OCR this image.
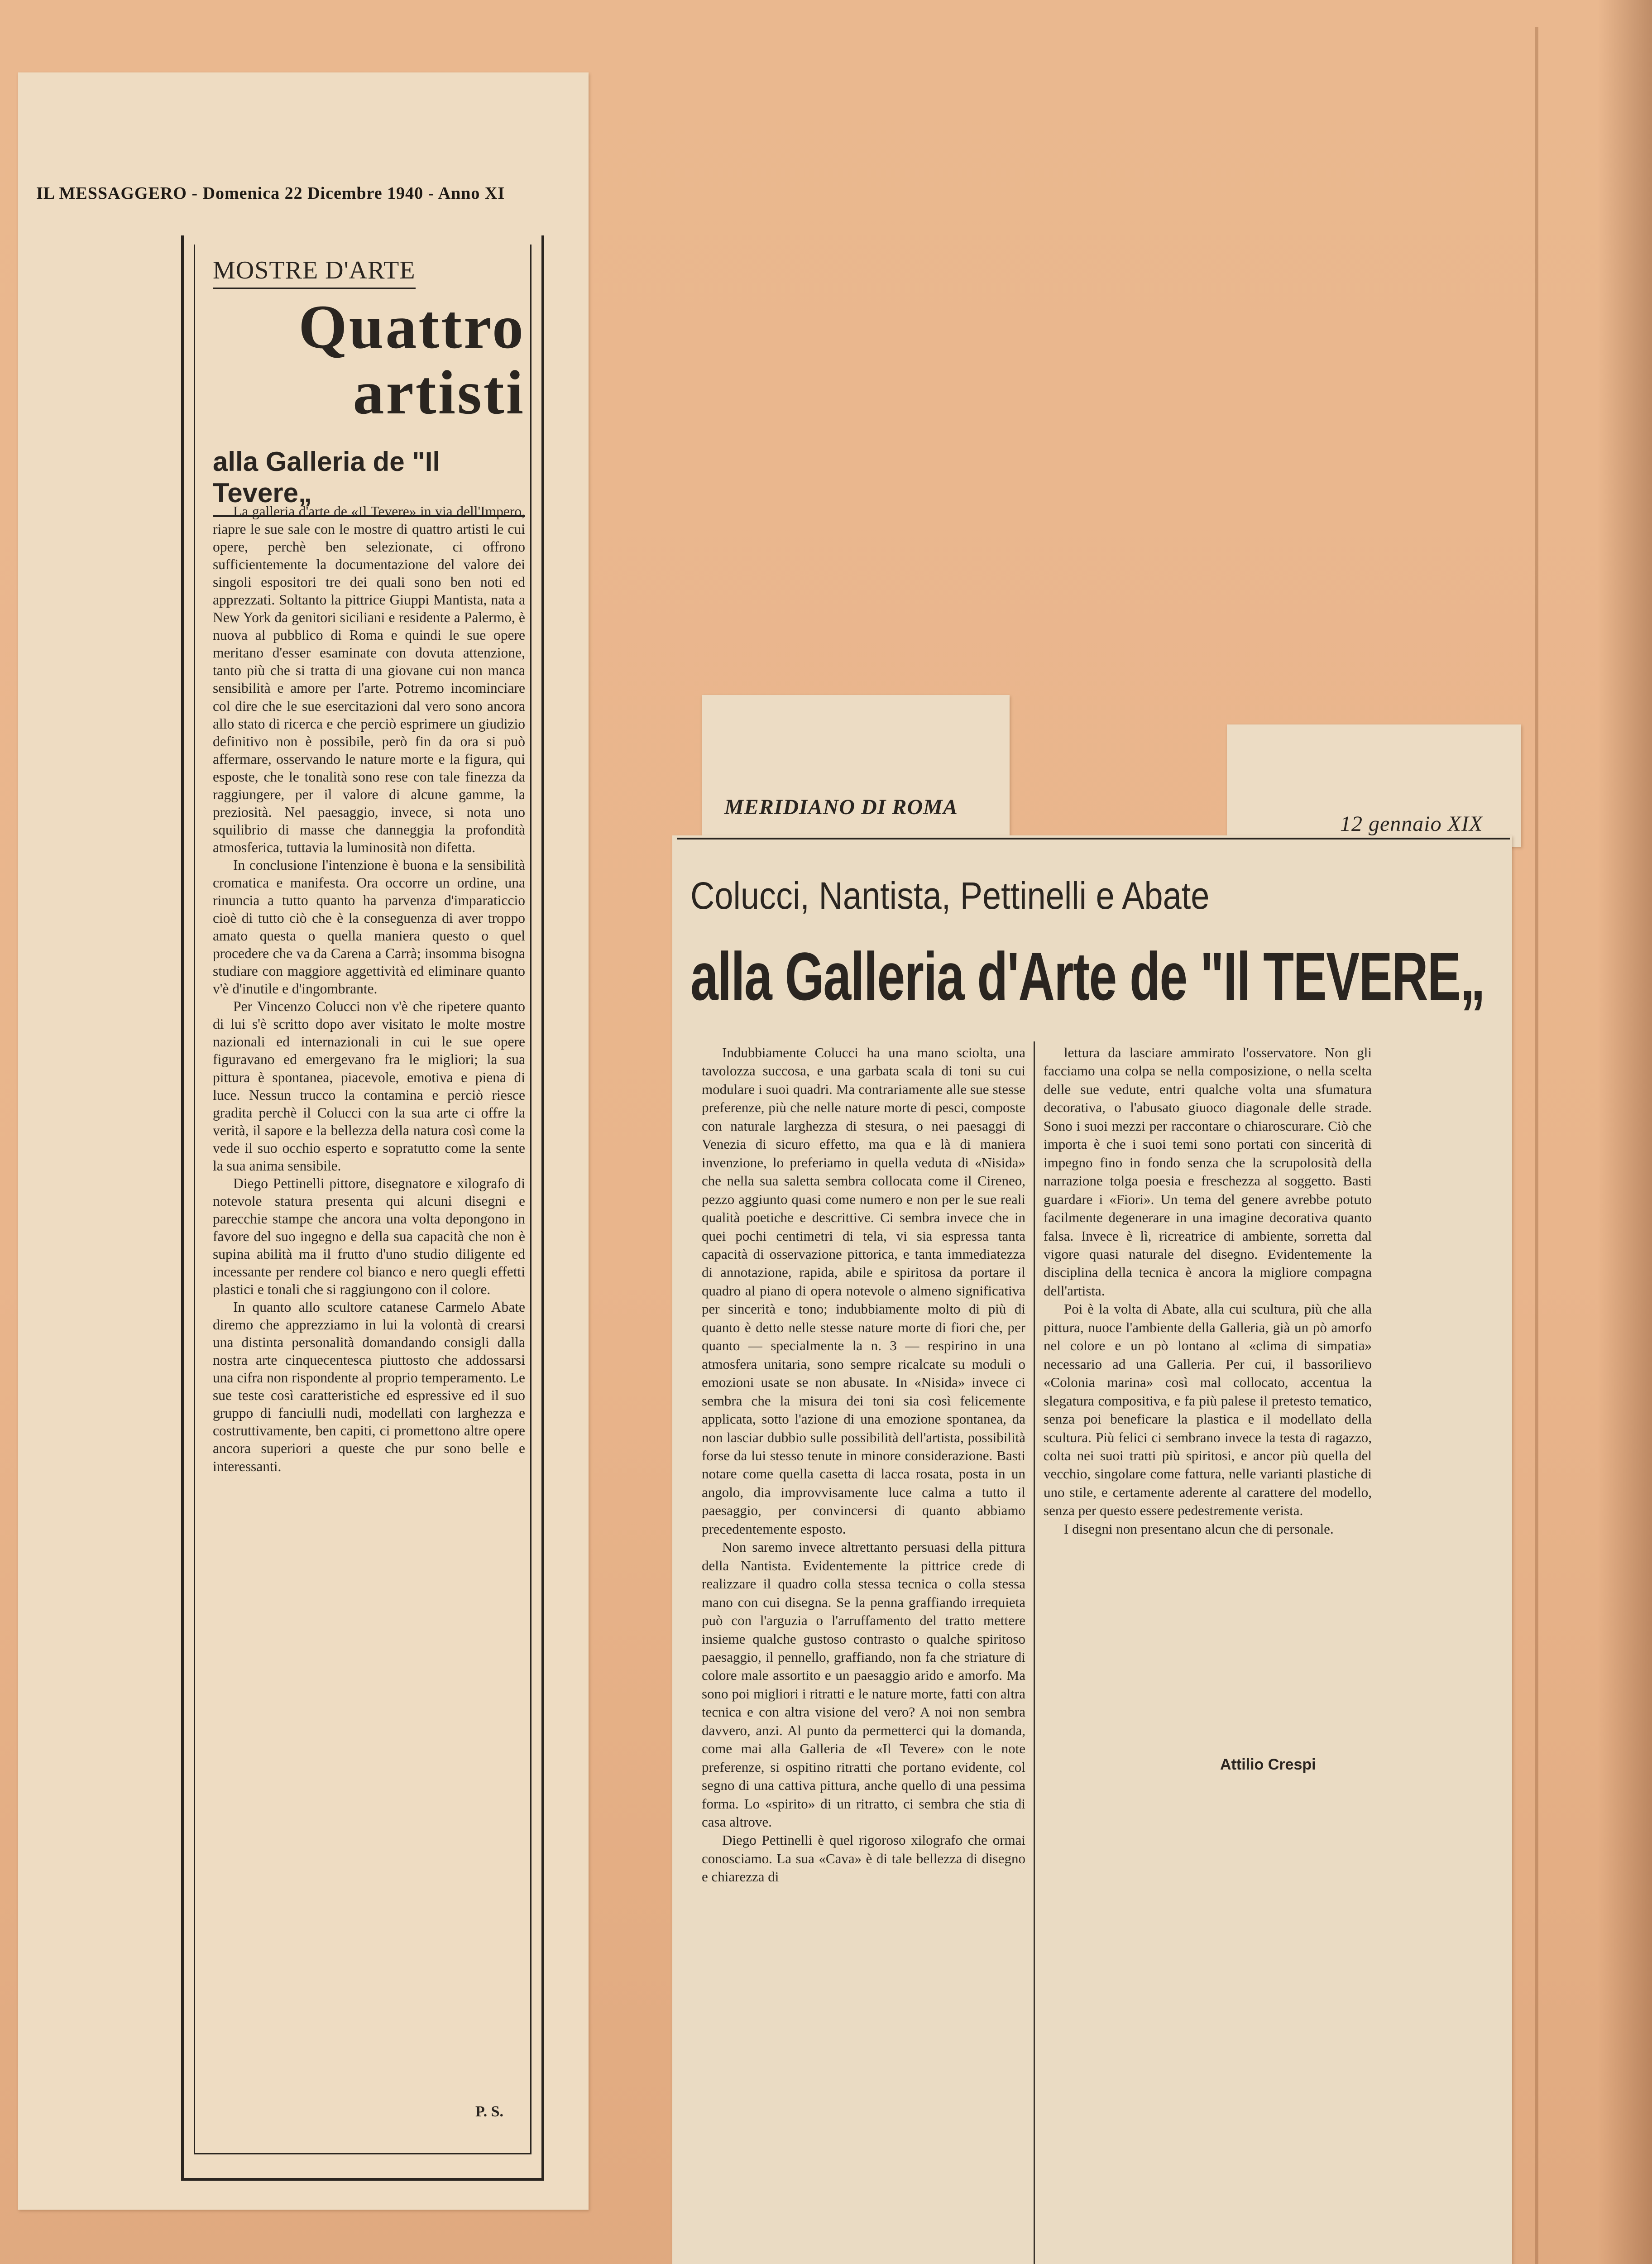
IL MESSAGGERO - Domenica 22 Dicembre 1940 - Anno XI
MOSTRE D'ARTE
Quattro
artisti
alla Galleria de "Il Tevere„

La galleria d'arte de «Il Tevere» in via dell'Impero, riapre le sue sale con le mostre di quattro artisti le cui opere, perchè ben selezionate, ci offrono sufficientemente la documentazione del valore dei singoli espositori tre dei quali sono ben noti ed apprezzati. Soltanto la pittrice Giuppi Mantista, nata a New York da genitori siciliani e residente a Palermo, è nuova al pubblico di Roma e quindi le sue opere meritano d'esser esaminate con dovuta attenzione, tanto più che si tratta di una giovane cui non manca sensibilità e amore per l'arte. Potremo incominciare col dire che le sue esercitazioni dal vero sono ancora allo stato di ricerca e che perciò esprimere un giudizio definitivo non è possibile, però fin da ora si può affermare, osservando le nature morte e la figura, qui esposte, che le tonalità sono rese con tale finezza da raggiungere, per il valore di alcune gamme, la preziosità. Nel paesaggio, invece, si nota uno squilibrio di masse che danneggia la profondità atmosferica, tuttavia la luminosità non difetta.

In conclusione l'intenzione è buona e la sensibilità cromatica e manifesta. Ora occorre un ordine, una rinuncia a tutto quanto ha parvenza d'imparaticcio cioè di tutto ciò che è la conseguenza di aver troppo amato questa o quella maniera questo o quel procedere che va da Carena a Carrà; insomma bisogna studiare con maggiore aggettività ed eliminare quanto v'è d'inutile e d'ingombrante.

Per Vincenzo Colucci non v'è che ripetere quanto di lui s'è scritto dopo aver visitato le molte mostre nazionali ed internazionali in cui le sue opere figuravano ed emergevano fra le migliori; la sua pittura è spontanea, piacevole, emotiva e piena di luce. Nessun trucco la contamina e perciò riesce gradita perchè il Colucci con la sua arte ci offre la verità, il sapore e la bellezza della natura così come la vede il suo occhio esperto e sopratutto come la sente la sua anima sensibile.

Diego Pettinelli pittore, disegnatore e xilografo di notevole statura presenta qui alcuni disegni e parecchie stampe che ancora una volta depongono in favore del suo ingegno e della sua capacità che non è supina abilità ma il frutto d'uno studio diligente ed incessante per rendere col bianco e nero quegli effetti plastici e tonali che si raggiungono con il colore.

In quanto allo scultore catanese Carmelo Abate diremo che apprezziamo in lui la volontà di crearsi una distinta personalità domandando consigli dalla nostra arte cinquecentesca piuttosto che addossarsi una cifra non rispondente al proprio temperamento. Le sue teste così caratteristiche ed espressive ed il suo gruppo di fanciulli nudi, modellati con larghezza e costruttivamente, ben capiti, ci promettono altre opere ancora superiori a queste che pur sono belle e interessanti.

P. S.
MERIDIANO DI ROMA
12 gennaio XIX
Colucci, Nantista, Pettinelli e Abate
alla Galleria d'Arte de "Il TEVERE„

Indubbiamente Colucci ha una mano sciolta, una tavolozza succosa, e una garbata scala di toni su cui modulare i suoi quadri. Ma contrariamente alle sue stesse preferenze, più che nelle nature morte di pesci, composte con naturale larghezza di stesura, o nei paesaggi di Venezia di sicuro effetto, ma qua e là di maniera invenzione, lo preferiamo in quella veduta di «Nisida» che nella sua saletta sembra collocata come il Cireneo, pezzo aggiunto quasi come numero e non per le sue reali qualità poetiche e descrittive. Ci sembra invece che in quei pochi centimetri di tela, vi sia espressa tanta capacità di osservazione pittorica, e tanta immediatezza di annotazione, rapida, abile e spiritosa da portare il quadro al piano di opera notevole o almeno significativa per sincerità e tono; indubbiamente molto di più di quanto è detto nelle stesse nature morte di fiori che, per quanto — specialmente la n. 3 — respirino in una atmosfera unitaria, sono sempre ricalcate su moduli o emozioni usate se non abusate. In «Nisida» invece ci sembra che la misura dei toni sia così felicemente applicata, sotto l'azione di una emozione spontanea, da non lasciar dubbio sulle possibilità dell'artista, possibilità forse da lui stesso tenute in minore considerazione. Basti notare come quella casetta di lacca rosata, posta in un angolo, dia improvvisamente luce calma a tutto il paesaggio, per convincersi di quanto abbiamo precedentemente esposto.

Non saremo invece altrettanto persuasi della pittura della Nantista. Evidentemente la pittrice crede di realizzare il quadro colla stessa tecnica o colla stessa mano con cui disegna. Se la penna graffiando irrequieta può con l'arguzia o l'arruffamento del tratto mettere insieme qualche gustoso contrasto o qualche spiritoso paesaggio, il pennello, graffiando, non fa che striature di colore male assortito e un paesaggio arido e amorfo. Ma sono poi migliori i ritratti e le nature morte, fatti con altra tecnica e con altra visione del vero? A noi non sembra davvero, anzi. Al punto da permetterci qui la domanda, come mai alla Galleria de «Il Tevere» con le note preferenze, si ospitino ritratti che portano evidente, col segno di una cattiva pittura, anche quello di una pessima forma. Lo «spirito» di un ritratto, ci sembra che stia di casa altrove.

Diego Pettinelli è quel rigoroso xilografo che ormai conosciamo. La sua «Cava» è di tale bellezza di disegno e chiarezza di

lettura da lasciare ammirato l'osservatore. Non gli facciamo una colpa se nella composizione, o nella scelta delle sue vedute, entri qualche volta una sfumatura decorativa, o l'abusato giuoco diagonale delle strade. Sono i suoi mezzi per raccontare o chiaroscurare. Ciò che importa è che i suoi temi sono portati con sincerità di impegno fino in fondo senza che la scrupolosità della narrazione tolga poesia e freschezza al soggetto. Basti guardare i «Fiori». Un tema del genere avrebbe potuto facilmente degenerare in una imagine decorativa quanto falsa. Invece è lì, ricreatrice di ambiente, sorretta dal vigore quasi naturale del disegno. Evidentemente la disciplina della tecnica è ancora la migliore compagna dell'artista.

Poi è la volta di Abate, alla cui scultura, più che alla pittura, nuoce l'ambiente della Galleria, già un pò amorfo nel colore e un pò lontano al «clima di simpatia» necessario ad una Galleria. Per cui, il bassorilievo «Colonia marina» così mal collocato, accentua la slegatura compositiva, e fa più palese il pretesto tematico, senza poi beneficare la plastica e il modellato della scultura. Più felici ci sembrano invece la testa di ragazzo, colta nei suoi tratti più spiritosi, e ancor più quella del vecchio, singolare come fattura, nelle varianti plastiche di uno stile, e certamente aderente al carattere del modello, senza per questo essere pedestremente verista.

I disegni non presentano alcun che di personale.

Attilio Crespi
